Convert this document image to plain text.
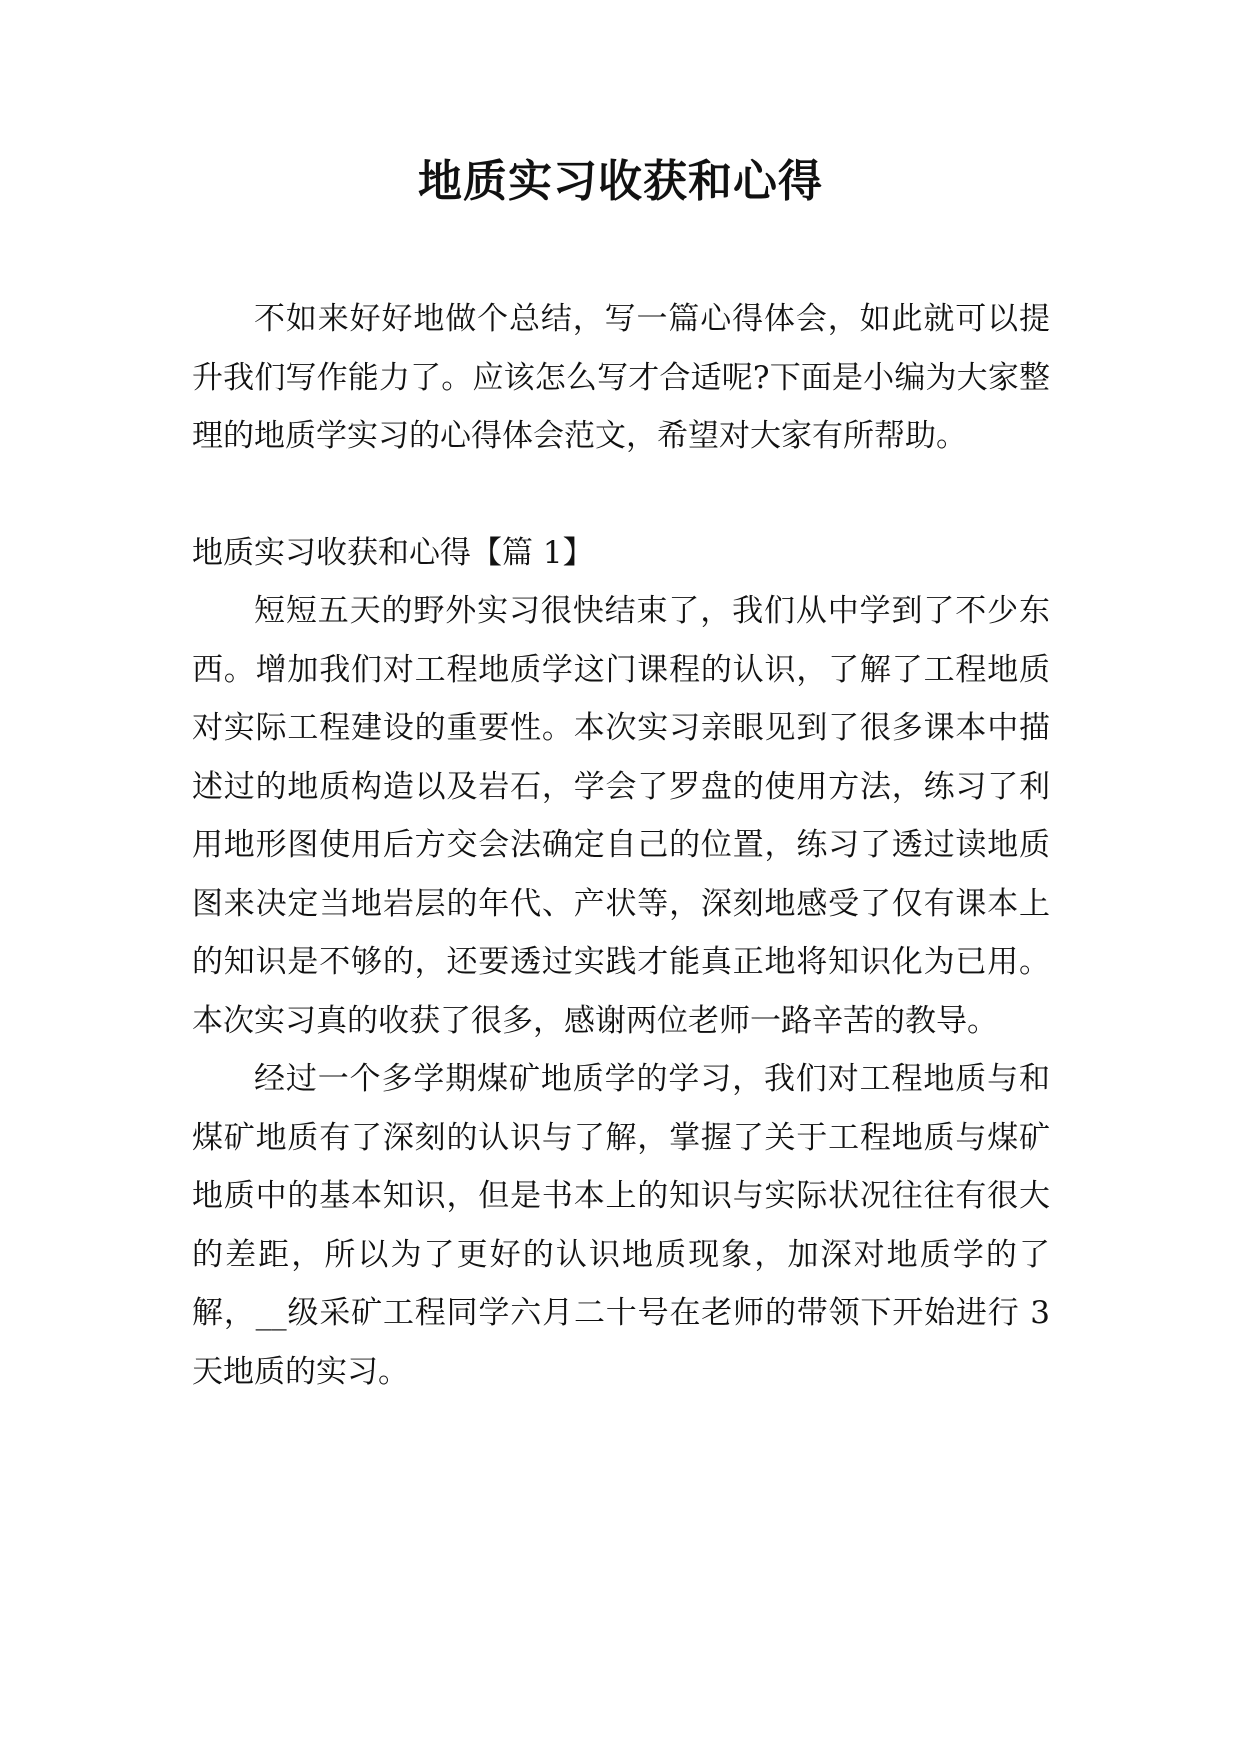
地质实习收获和心得

不如来好好地做个总结，写一篇心得体会，如此就可以提升我们写作能力了。应该怎么写才合适呢?下面是小编为大家整理的地质学实习的心得体会范文，希望对大家有所帮助。

地质实习收获和心得【篇 1】

短短五天的野外实习很快结束了，我们从中学到了不少东西。增加我们对工程地质学这门课程的认识，了解了工程地质对实际工程建设的重要性。本次实习亲眼见到了很多课本中描述过的地质构造以及岩石，学会了罗盘的使用方法，练习了利用地形图使用后方交会法确定自己的位置，练习了透过读地质图来决定当地岩层的年代、产状等，深刻地感受了仅有课本上的知识是不够的，还要透过实践才能真正地将知识化为已用。本次实习真的收获了很多，感谢两位老师一路辛苦的教导。

经过一个多学期煤矿地质学的学习，我们对工程地质与和煤矿地质有了深刻的认识与了解，掌握了关于工程地质与煤矿地质中的基本知识，但是书本上的知识与实际状况往往有很大的差距，所以为了更好的认识地质现象，加深对地质学的了解，__级采矿工程同学六月二十号在老师的带领下开始进行 3 天地质的实习。
